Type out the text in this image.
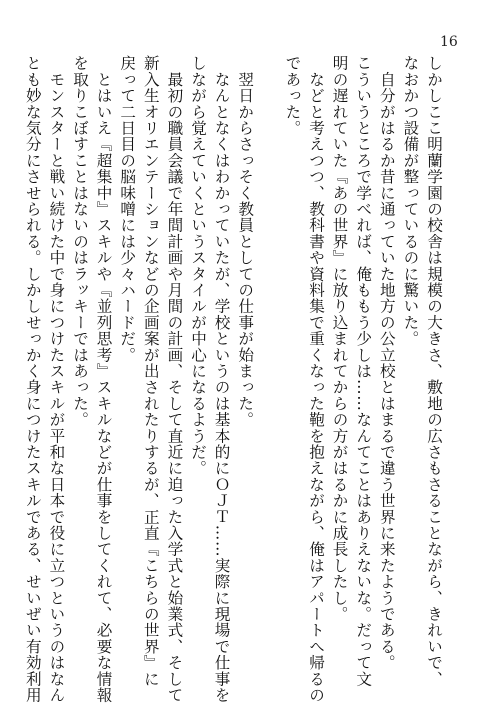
16
しかしここ明蘭学園の校舎は規模の大きさ、敷地の広さもさることながら、きれいで、
なおかつ設備が整っているのに驚いた。
　自分がはるか昔に通っていた地方の公立校とはまるで違う世界に来たようである。
こういうところで学べれば、俺ももう少しは……なんてことはありえないな。だって文
明の遅れていた『あの世界』に放り込まれてからの方がはるかに成長したし。
　などと考えつつ、教科書や資料集で重くなった鞄を抱えながら、俺はアパートへ帰るの
であった。
　翌日からさっそく教員としての仕事が始まった。
　なんとなくはわかっていたが、学校というのは基本的にＯＪＴ……実際に現場で仕事を
しながら覚えていくというスタイルが中心になるようだ。
　最初の職員会議で年間計画や月間の計画、そして直近に迫った入学式と始業式、そして
新入生オリエンテーションなどの企画案が出されたりするが、正直『こちらの世界』に
戻って二日目の脳味噌には少々ハードだ。
　とはいえ『超集中』スキルや『並列思考』スキルなどが仕事をしてくれて、必要な情報
を取りこぼすことはないのはラッキーではあった。
　モンスターと戦い続けた中で身につけたスキルが平和な日本で役に立つというのはなん
とも妙な気分にさせられる。しかしせっかく身につけたスキルである、せいぜい有効利用
